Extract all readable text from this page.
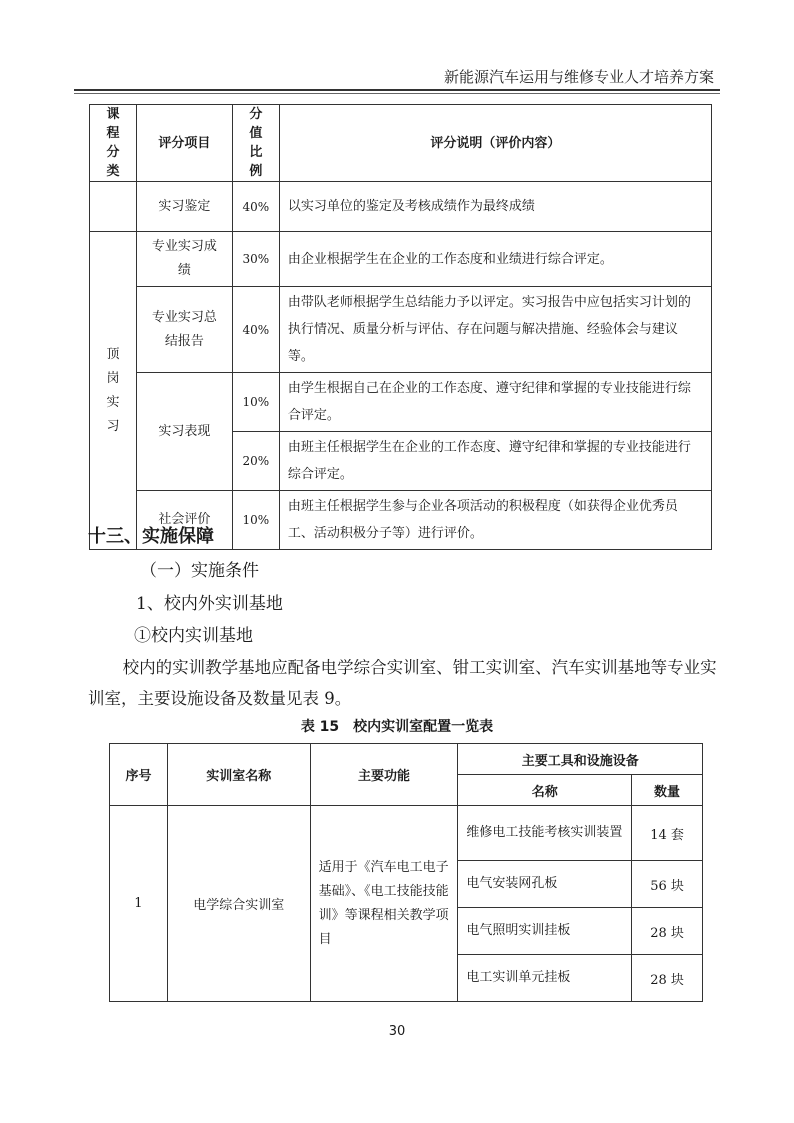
新能源汽车运用与维修专业人才培养方案
课程分类	评分项目	分值比例	评分说明（评价内容）
	实习鉴定	40%	以实习单位的鉴定及考核成绩作为最终成绩
顶 岗 实习	专业实习成绩	30%	由企业根据学生在企业的工作态度和业绩进行综合评定。
	专业实习总结报告	40%	由带队老师根据学生总结能力予以评定。实习报告中应包括实习计划的执行情况、质量分析与评估、存在问题与解决措施、经验体会与建议等。
	实习表现	10%	由学生根据自己在企业的工作态度、遵守纪律和掌握的专业技能进行综合评定。
		20%	由班主任根据学生在企业的工作态度、遵守纪律和掌握的专业技能进行综合评定。
	社会评价	10%	由班主任根据学生参与企业各项活动的积极程度（如获得企业优秀员工、活动积极分子等）进行评价。
十三、实施保障
（一）实施条件
1、校内外实训基地
①校内实训基地
校内的实训教学基地应配备电学综合实训室、钳工实训室、汽车实训基地等专业实训室，主要设施设备及数量见表 9。
表 15　校内实训室配置一览表
序号	实训室名称	主要功能	主要工具和设施设备	
			名称	数量
1	电学综合实训室	适用于《汽车电工电子基础》、《电工技能技能训》等课程相关教学项目	维修电工技能考核实训装置	14 套
			电气安装网孔板	56 块
			电气照明实训挂板	28 块
			电工实训单元挂板	28 块
30
